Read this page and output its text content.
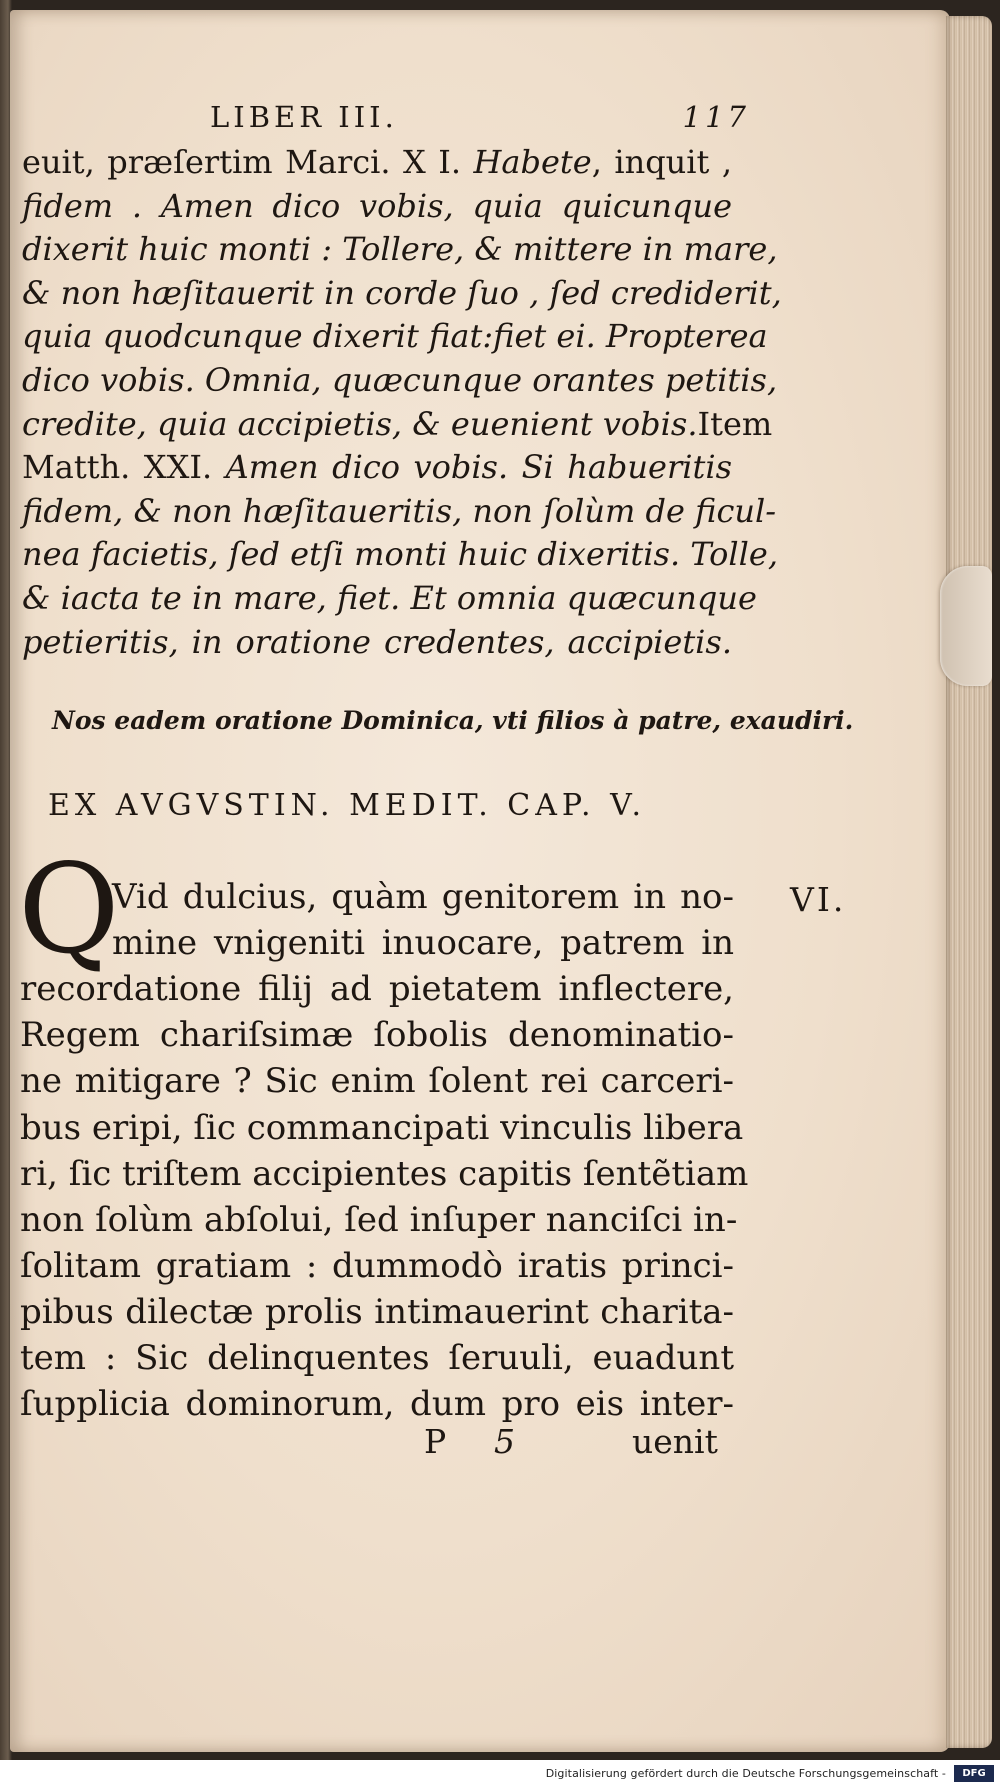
LIBER III.	117
euit, præſertim Marci. X I. Habete, inquit ,
fidem . Amen dico vobis, quia quicunque
dixerit huic monti : Tollere, & mittere in mare,
& non hæſitauerit in corde ſuo , ſed crediderit,
quia quodcunque dixerit fiat:fiet ei. Propterea
dico vobis. Omnia, quæcunque orantes petitis,
credite, quia accipietis, & euenient vobis.Item
Matth. XXI. Amen dico vobis. Si habueritis
fidem, & non hæſitaueritis, non ſolùm de ficul-
nea facietis, ſed etſi monti huic dixeritis. Tolle,
& iacta te in mare, fiet. Et omnia quæcunque
petieritis, in oratione credentes, accipietis.
Nos eadem oratione Dominica, vti filios à patre, exaudiri.
EX AVGVSTIN. MEDIT. CAP. V.
Q
Vid dulcius, quàm genitorem in no-
mine vnigeniti inuocare, patrem in
recordatione filij ad pietatem inflectere,
Regem chariſsimæ ſobolis denominatio-
ne mitigare ? Sic enim ſolent rei carceri-
bus eripi, ſic commancipati vinculis libera
ri, ſic triſtem accipientes capitis ſentẽtiam
non ſolùm abſolui, ſed inſuper nanciſci in-
ſolitam gratiam : dummodò iratis princi-
pibus dilectæ prolis intimauerint charita-
tem : Sic delinquentes ſeruuli, euadunt
ſupplicia dominorum, dum pro eis inter-
VI.
P 5	uenit
Digitalisierung gefördert durch die Deutsche Forschungsgemeinschaft -	DFG
